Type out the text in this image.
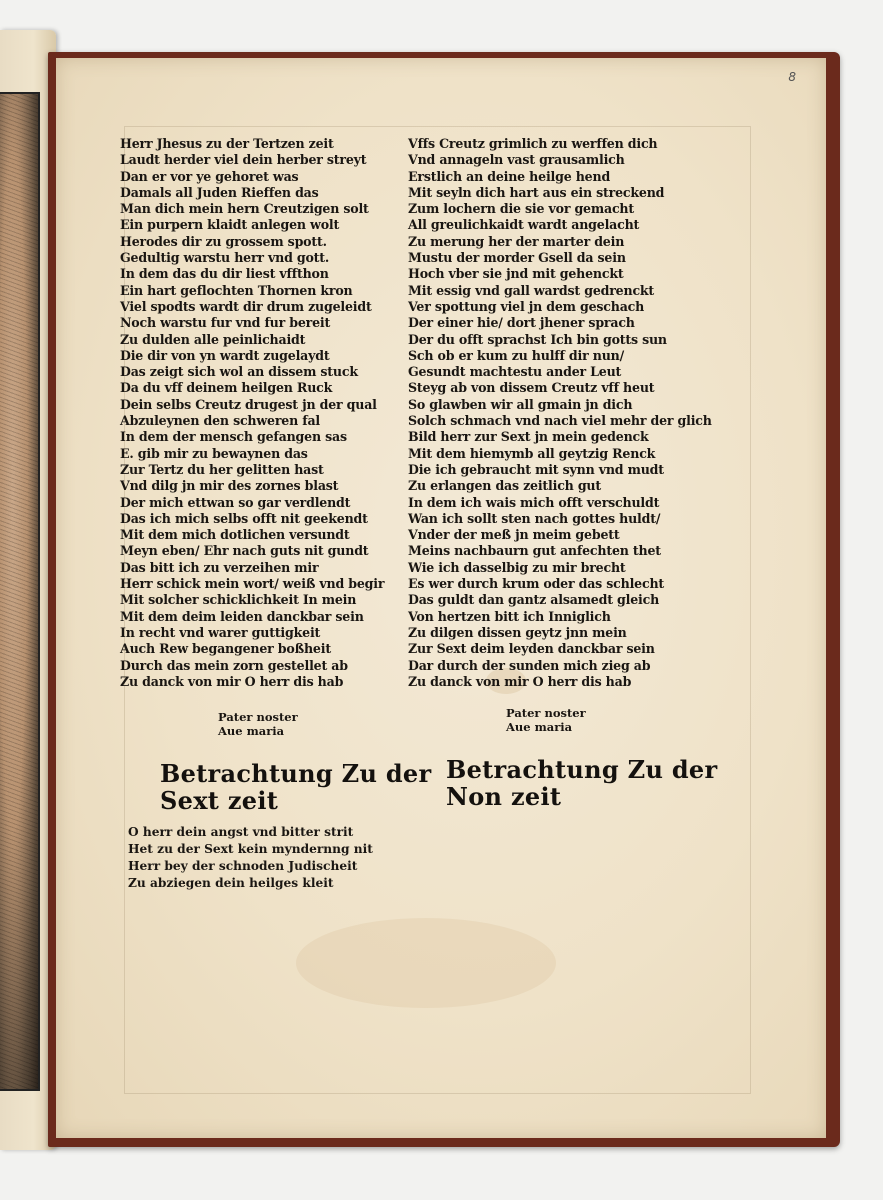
8
Herr Jhesus zu der Tertzen zeit
Laudt herder viel dein herber streyt
Dan er vor ye gehoret was
Damals all Juden Rieffen das
Man dich mein hern Creutzigen solt
Ein purpern klaidt anlegen wolt
Herodes dir zu grossem spott.
Gedultig warstu herr vnd gott.
In dem das du dir liest vffthon
Ein hart geflochten Thornen kron
Viel spodts wardt dir drum zugeleidt
Noch warstu fur vnd fur bereit
Zu dulden alle peinlichaidt
Die dir von yn wardt zugelaydt
Das zeigt sich wol an dissem stuck
Da du vff deinem heilgen Ruck
Dein selbs Creutz drugest jn der qual
Abzuleynen den schweren fal
In dem der mensch gefangen sas
E. gib mir zu bewaynen das
Zur Tertz du her gelitten hast
Vnd dilg jn mir des zornes blast
Der mich ettwan so gar verdlendt
Das ich mich selbs offt nit geekendt
Mit dem mich dotlichen versundt
Meyn eben/ Ehr nach guts nit gundt
Das bitt ich zu verzeihen mir
Herr schick mein wort/ weiß vnd begir
Mit solcher schicklichkeit In mein
Mit dem deim leiden danckbar sein
In recht vnd warer guttigkeit
Auch Rew begangener boßheit
Durch das mein zorn gestellet ab
Zu danck von mir O herr dis hab
Vffs Creutz grimlich zu werffen dich
Vnd annageln vast grausamlich
Erstlich an deine heilge hend
Mit seyln dich hart aus ein streckend
Zum lochern die sie vor gemacht
All greulichkaidt wardt angelacht
Zu merung her der marter dein
Mustu der morder Gsell da sein
Hoch vber sie jnd mit gehenckt
Mit essig vnd gall wardst gedrenckt
Ver spottung viel jn dem geschach
Der einer hie/ dort jhener sprach
Der du offt sprachst Ich bin gotts sun
Sch ob er kum zu hulff dir nun/
Gesundt machtestu ander Leut
Steyg ab von dissem Creutz vff heut
So glawben wir all gmain jn dich
Solch schmach vnd nach viel mehr der glich
Bild herr zur Sext jn mein gedenck
Mit dem hiemymb all geytzig Renck
Die ich gebraucht mit synn vnd mudt
Zu erlangen das zeitlich gut
In dem ich wais mich offt verschuldt
Wan ich sollt sten nach gottes huldt/
Vnder der meß jn meim gebett
Meins nachbaurn gut anfechten thet
Wie ich dasselbig zu mir brecht
Es wer durch krum oder das schlecht
Das guldt dan gantz alsamedt gleich
Von hertzen bitt ich Inniglich
Zu dilgen dissen geytz jnn mein
Zur Sext deim leyden danckbar sein
Dar durch der sunden mich zieg ab
Zu danck von mir O herr dis hab
Pater noster
Aue maria
Pater noster
Aue maria
Betrachtung Zu der
Sext zeit
Betrachtung Zu der
Non zeit
O herr dein angst vnd bitter strit
Het zu der Sext kein myndernng nit
Herr bey der schnoden Judischeit
Zu abziegen dein heilges kleit
